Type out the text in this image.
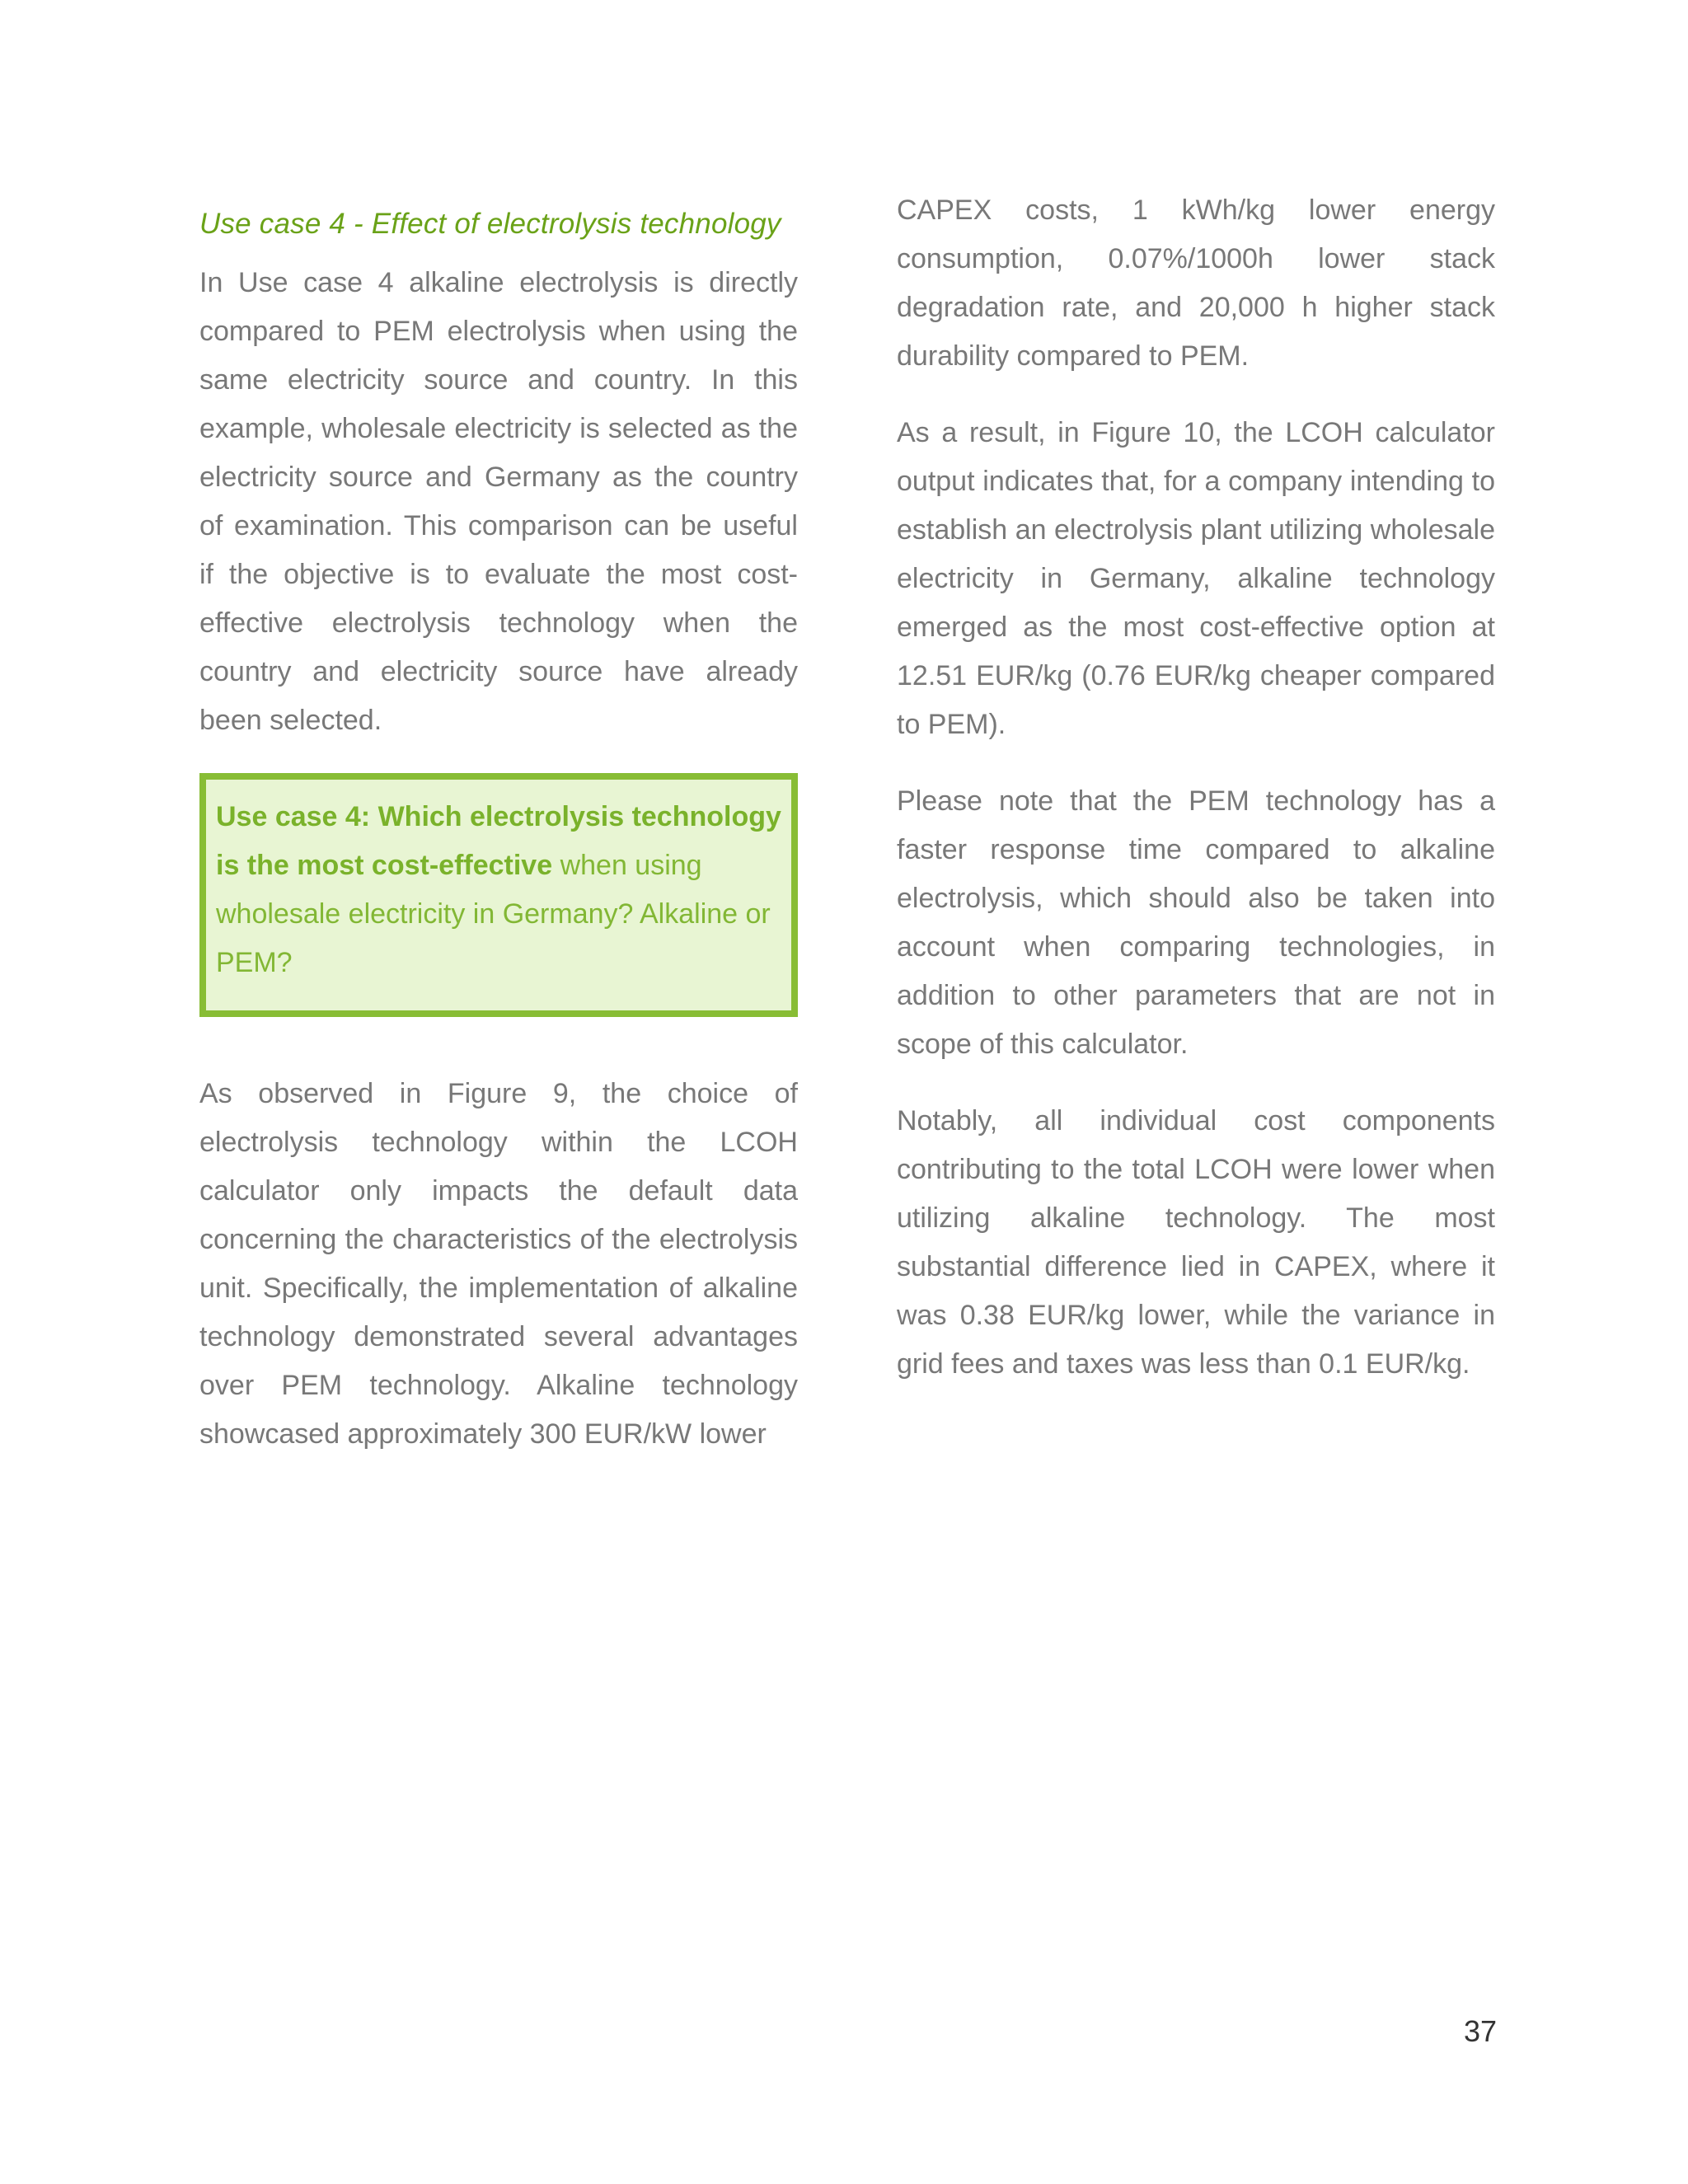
Use case 4 - Effect of electrolysis technology

In Use case 4 alkaline electrolysis is directly compared to PEM electrolysis when using the same electricity source and country. In this example, wholesale electricity is selected as the electricity source and Germany as the country of examination. This comparison can be useful if the objective is to evaluate the most cost-effective electrolysis technology when the country and electricity source have already been selected.

Use case 4: Which electrolysis technology is the most cost-effective when using wholesale electricity in Germany? Alkaline or PEM?

As observed in Figure 9, the choice of electrolysis technology within the LCOH calculator only impacts the default data concerning the characteristics of the electrolysis unit. Specifically, the implementation of alkaline technology demonstrated several advantages over PEM technology. Alkaline technology showcased approximately 300 EUR/kW lower

CAPEX costs, 1 kWh/kg lower energy consumption, 0.07%/1000h lower stack degradation rate, and 20,000 h higher stack durability compared to PEM.

As a result, in Figure 10, the LCOH calculator output indicates that, for a company intending to establish an electrolysis plant utilizing wholesale electricity in Germany, alkaline technology emerged as the most cost-effective option at 12.51 EUR/kg (0.76 EUR/kg cheaper compared to PEM).

Please note that the PEM technology has a faster response time compared to alkaline electrolysis, which should also be taken into account when comparing technologies, in addition to other parameters that are not in scope of this calculator.

Notably, all individual cost components contributing to the total LCOH were lower when utilizing alkaline technology. The most substantial difference lied in CAPEX, where it was 0.38 EUR/kg lower, while the variance in grid fees and taxes was less than 0.1 EUR/kg.

37
